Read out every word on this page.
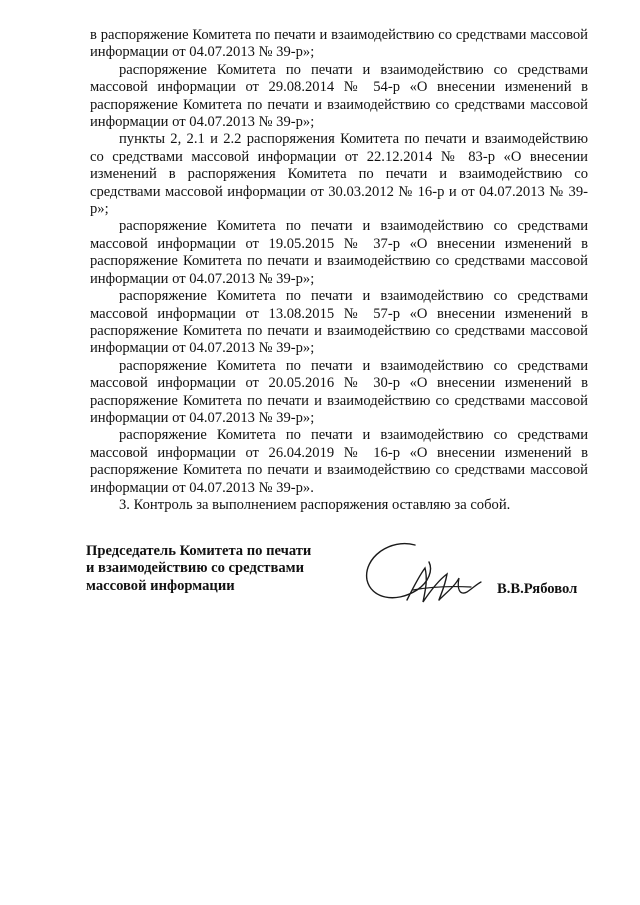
в распоряжение Комитета по печати и взаимодействию со средствами массовой информации от 04.07.2013 № 39-р»;

распоряжение Комитета по печати и взаимодействию со средствами массовой информации от 29.08.2014 № 54-р «О внесении изменений в распоряжение Комитета по печати и взаимодействию со средствами массовой информации от 04.07.2013 № 39-р»;

пункты 2, 2.1 и 2.2 распоряжения Комитета по печати и взаимодействию со средствами массовой информации от 22.12.2014 № 83-р «О внесении изменений в распоряжения Комитета по печати и взаимодействию со средствами массовой информации от 30.03.2012 № 16-р и от 04.07.2013 № 39-р»;

распоряжение Комитета по печати и взаимодействию со средствами массовой информации от 19.05.2015 № 37-р «О внесении изменений в распоряжение Комитета по печати и взаимодействию со средствами массовой информации от 04.07.2013 № 39-р»;

распоряжение Комитета по печати и взаимодействию со средствами массовой информации от 13.08.2015 № 57-р «О внесении изменений в распоряжение Комитета по печати и взаимодействию со средствами массовой информации от 04.07.2013 № 39-р»;

распоряжение Комитета по печати и взаимодействию со средствами массовой информации от 20.05.2016 № 30-р «О внесении изменений в распоряжение Комитета по печати и взаимодействию со средствами массовой информации от 04.07.2013 № 39-р»;

распоряжение Комитета по печати и взаимодействию со средствами массовой информации от 26.04.2019 № 16-р «О внесении изменений в распоряжение Комитета по печати и взаимодействию со средствами массовой информации от 04.07.2013 № 39-р».

3. Контроль за выполнением распоряжения оставляю за собой.

Председатель Комитета по печати
и взаимодействию со средствами
массовой информации	В.В.Рябовол
